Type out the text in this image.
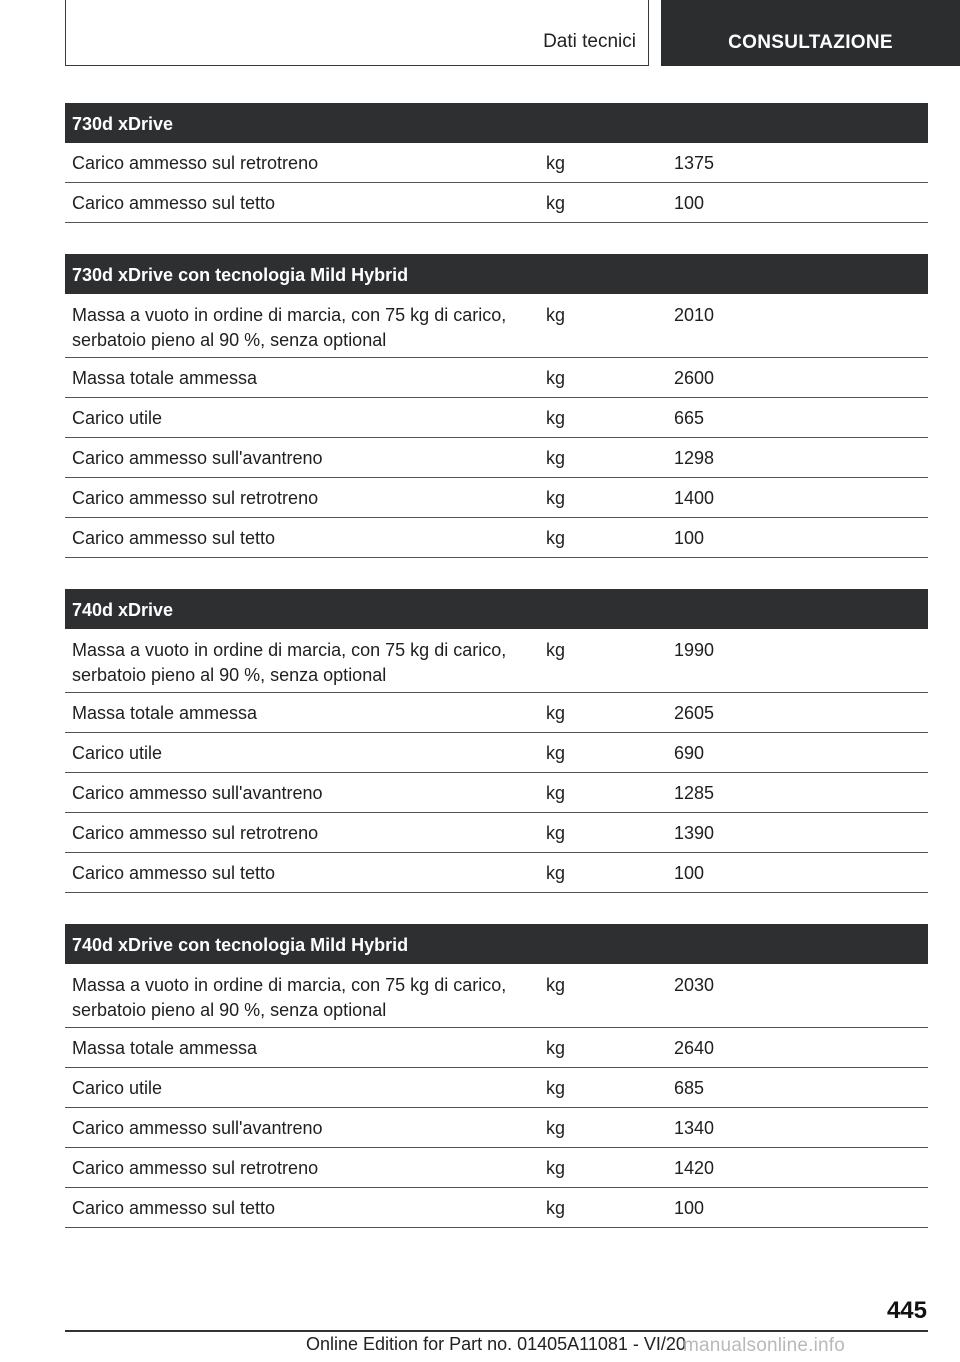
Dati tecnici	CONSULTAZIONE
730d xDrive
Carico ammesso sul retrotreno	kg	1375
Carico ammesso sul tetto	kg	100
730d xDrive con tecnologia Mild Hybrid
Massa a vuoto in ordine di marcia, con 75 kg di carico,
serbatoio pieno al 90 %, senza optional
kg	2010
Massa totale ammessa	kg	2600
Carico utile	kg	665
Carico ammesso sull'avantreno	kg	1298
Carico ammesso sul retrotreno	kg	1400
Carico ammesso sul tetto	kg	100
740d xDrive
Massa a vuoto in ordine di marcia, con 75 kg di carico,
serbatoio pieno al 90 %, senza optional
kg	1990
Massa totale ammessa	kg	2605
Carico utile	kg	690
Carico ammesso sull'avantreno	kg	1285
Carico ammesso sul retrotreno	kg	1390
Carico ammesso sul tetto	kg	100
740d xDrive con tecnologia Mild Hybrid
Massa a vuoto in ordine di marcia, con 75 kg di carico,
serbatoio pieno al 90 %, senza optional
kg	2030
Massa totale ammessa	kg	2640
Carico utile	kg	685
Carico ammesso sull'avantreno	kg	1340
Carico ammesso sul retrotreno	kg	1420
Carico ammesso sul tetto	kg	100
445
Online Edition for Part no. 01405A11081 - VI/20
manualsonline.info
